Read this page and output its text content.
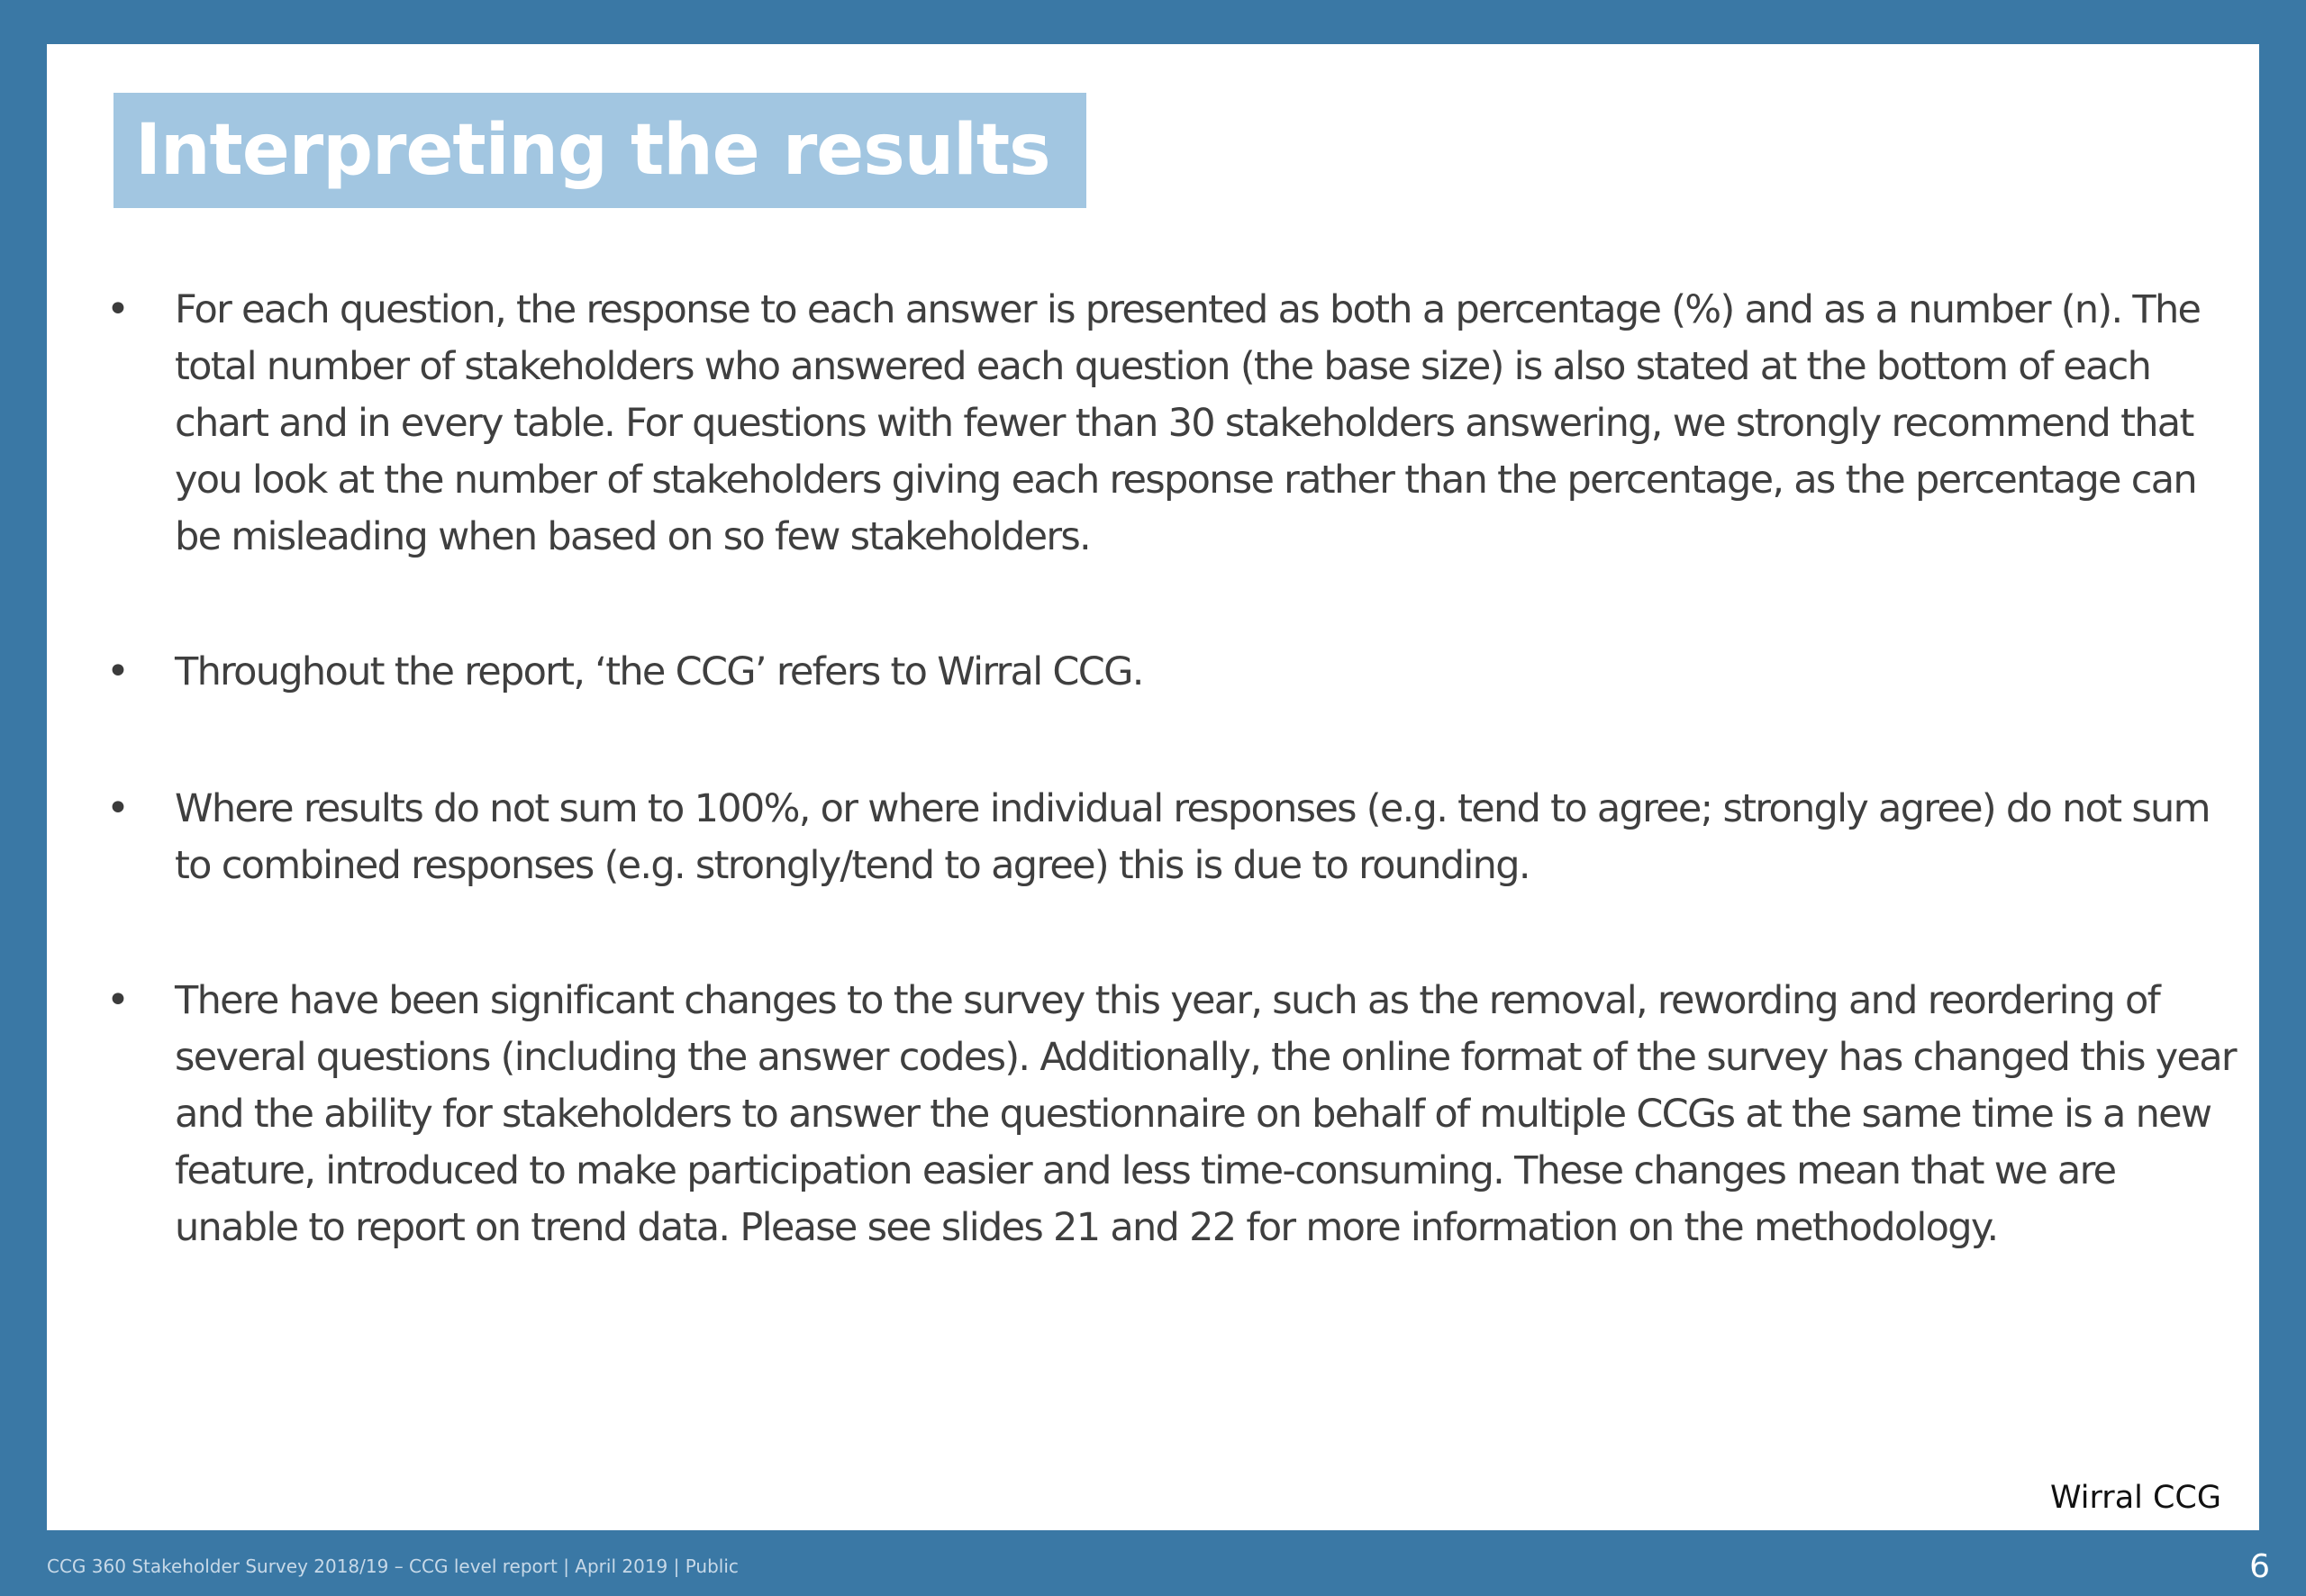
Interpreting the results
•	For each question, the response to each answer is presented as both a percentage (%) and as a number (n). The total number of stakeholders who answered each question (the base size) is also stated at the bottom of each chart and in every table. For questions with fewer than 30 stakeholders answering, we strongly recommend that you look at the number of stakeholders giving each response rather than the percentage, as the percentage can be misleading when based on so few stakeholders.
•	Throughout the report, ‘the CCG’ refers to Wirral CCG.
•	Where results do not sum to 100%, or where individual responses (e.g. tend to agree; strongly agree) do not sum to combined responses (e.g. strongly/tend to agree) this is due to rounding.
•	There have been significant changes to the survey this year, such as the removal, rewording and reordering of several questions (including the answer codes). Additionally, the online format of the survey has changed this year and the ability for stakeholders to answer the questionnaire on behalf of multiple CCGs at the same time is a new feature, introduced to make participation easier and less time-consuming. These changes mean that we are unable to report on trend data. Please see slides 21 and 22 for more information on the methodology.
Wirral CCG
CCG 360 Stakeholder Survey 2018/19 – CCG level report | April 2019 | Public	6
